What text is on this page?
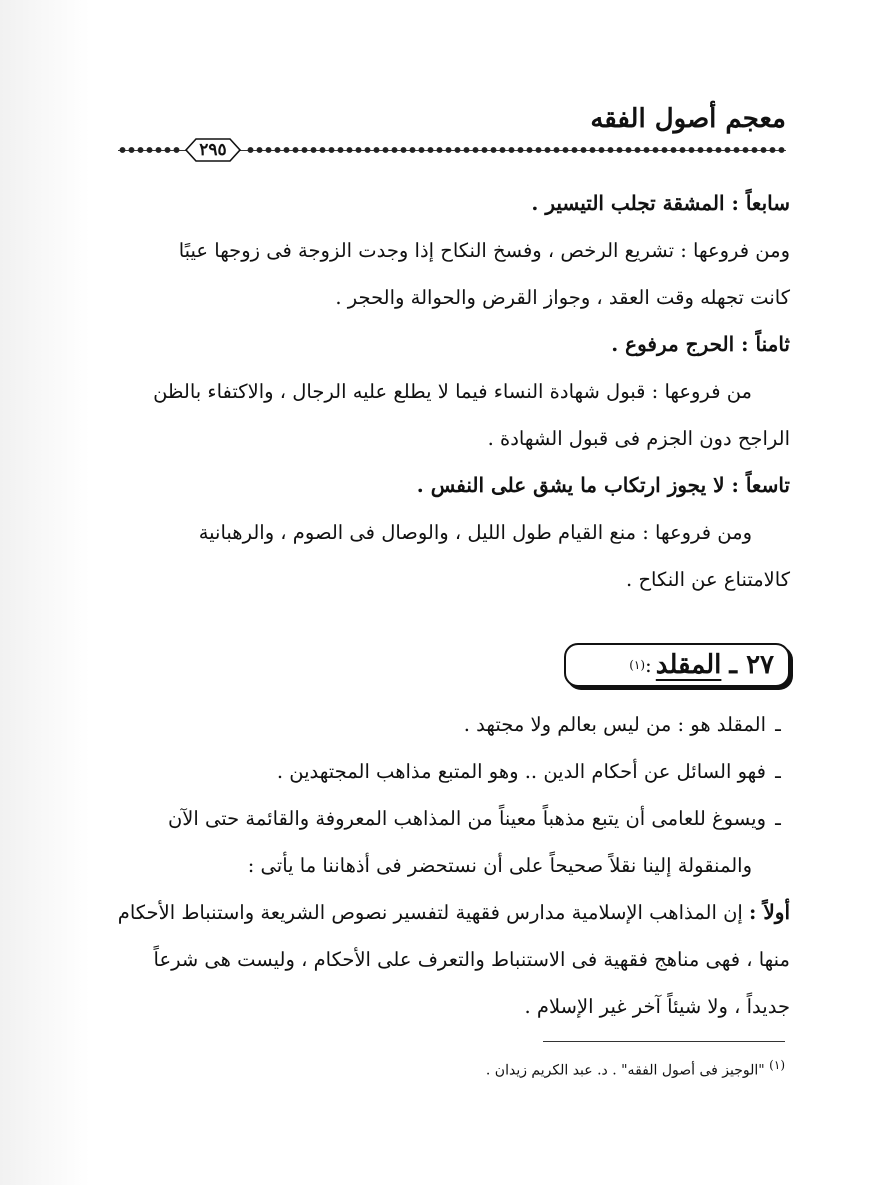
معجم أصول الفقه
٢٩٥
سابعاً : المشقة تجلب التيسير .
ومن فروعها : تشريع الرخص ، وفسخ النكاح إذا وجدت الزوجة فى زوجها عيبًا
كانت تجهله وقت العقد ، وجواز القرض والحوالة والحجر .
ثامناً : الحرج مرفوع .
من فروعها : قبول شهادة النساء فيما لا يطلع عليه الرجال ، والاكتفاء بالظن
الراجح دون الجزم فى قبول الشهادة .
تاسعاً : لا يجوز ارتكاب ما يشق على النفس .
ومن فروعها : منع القيام طول الليل ، والوصال فى الصوم ، والرهبانية
كالامتناع عن النكاح .
٢٧ ـ
المقلد
:
(١)
ـالمقلد هو : من ليس بعالم ولا مجتهد .
ـفهو السائل عن أحكام الدين .. وهو المتبع مذاهب المجتهدين .
ـويسوغ للعامى أن يتبع مذهباً معيناً من المذاهب المعروفة والقائمة حتى الآن
والمنقولة إلينا نقلاً صحيحاً على أن نستحضر فى أذهاننا ما يأتى :
أولاً : إن المذاهب الإسلامية مدارس فقهية لتفسير نصوص الشريعة واستنباط الأحكام
منها ، فهى مناهج فقهية فى الاستنباط والتعرف على الأحكام ، وليست هى شرعاً
جديداً ، ولا شيئاً آخر غير الإسلام .
(١) "الوجيز فى أصول الفقه" . د. عبد الكريم زيدان .
